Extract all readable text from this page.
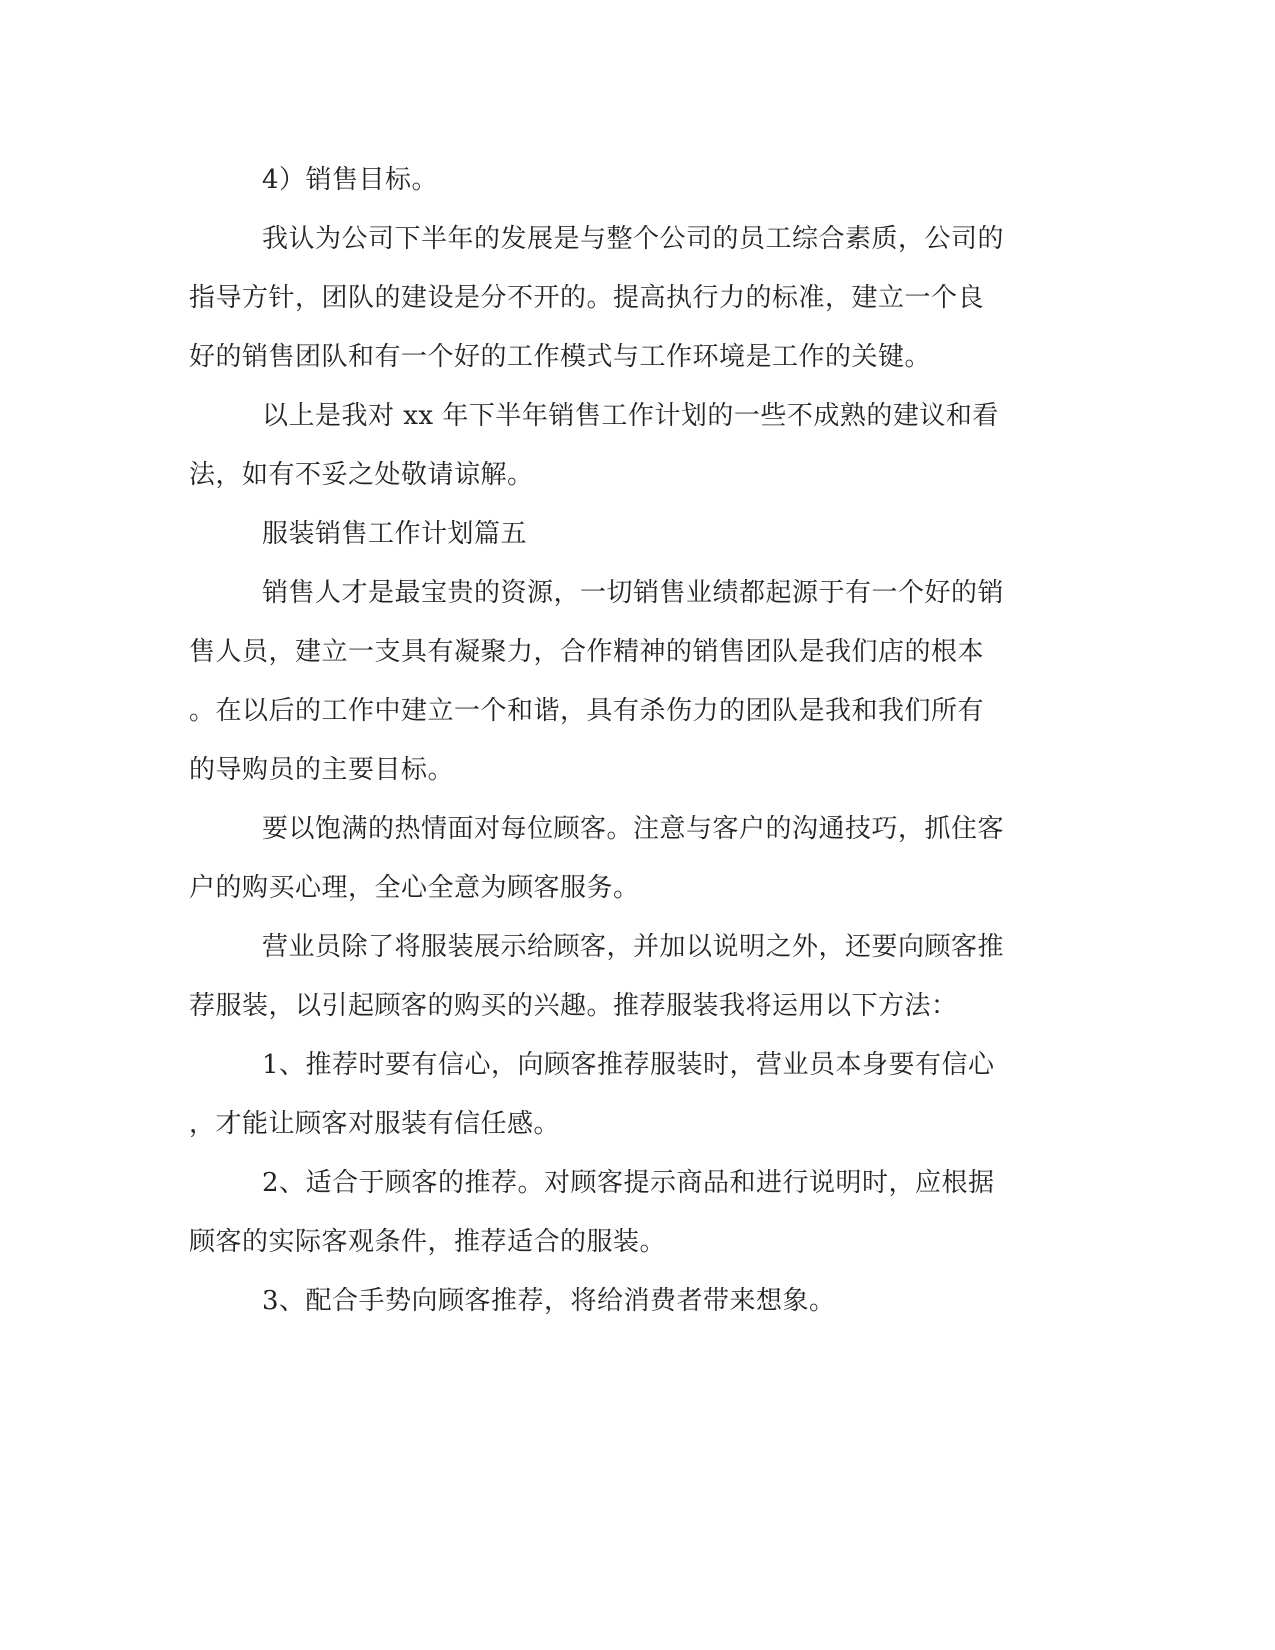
4）销售目标。
我认为公司下半年的发展是与整个公司的员工综合素质，公司的
指导方针，团队的建设是分不开的。提高执行力的标准，建立一个良
好的销售团队和有一个好的工作模式与工作环境是工作的关键。
以上是我对 xx 年下半年销售工作计划的一些不成熟的建议和看
法，如有不妥之处敬请谅解。
服装销售工作计划篇五
销售人才是最宝贵的资源，一切销售业绩都起源于有一个好的销
售人员，建立一支具有凝聚力，合作精神的销售团队是我们店的根本
。在以后的工作中建立一个和谐，具有杀伤力的团队是我和我们所有
的导购员的主要目标。
要以饱满的热情面对每位顾客。注意与客户的沟通技巧，抓住客
户的购买心理，全心全意为顾客服务。
营业员除了将服装展示给顾客，并加以说明之外，还要向顾客推
荐服装，以引起顾客的购买的兴趣。推荐服装我将运用以下方法：
1、推荐时要有信心，向顾客推荐服装时，营业员本身要有信心
，才能让顾客对服装有信任感。
2、适合于顾客的推荐。对顾客提示商品和进行说明时，应根据
顾客的实际客观条件，推荐适合的服装。
3、配合手势向顾客推荐，将给消费者带来想象。
